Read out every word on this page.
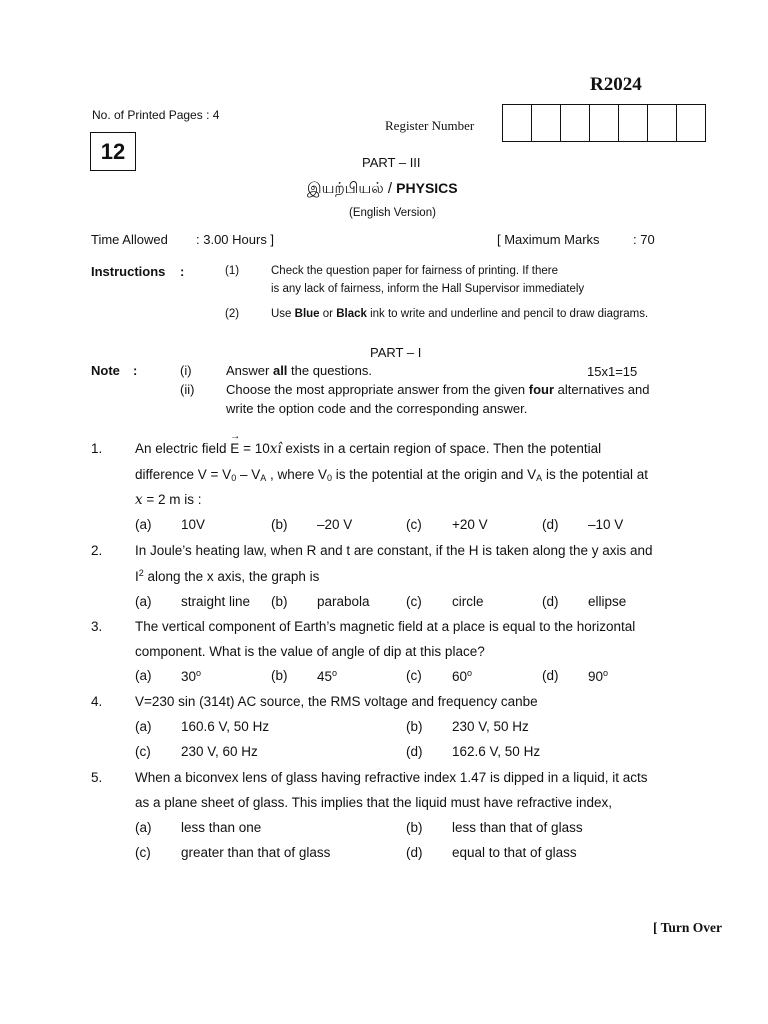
R2024
No. of Printed Pages : 4
Register Number
12	PART – III
இயற்பியல் / PHYSICS
(English Version)
Time Allowed : 3.00 Hours ]	[ Maximum Marks	: 70
Instructions :	(1)	Check the question paper for fairness of printing. If there
is any lack of fairness, inform the Hall Supervisor immediately
(2)	Use Blue or Black ink to write and underline and pencil to draw diagrams.
PART – I
Note :	(i)	Answer all the questions.	15x1=15
(ii) Choose the most appropriate answer from the given four alternatives and
write the option code and the corresponding answer.
1. An electric field
→
E = 10xî exists in a certain region of space. Then the potential
difference $V = V_0 - V_A$ , where $V_0$ is the potential at the origin and $V_A$ is the potential at
x = 2 m is :
(a) 10V	(b) –20 V	(c) +20 V	(d) –10 V
2. In Joule’s heating law, when R and t are constant, if the H is taken along the y axis and
$I^2$ along the x axis, the graph is
(a) straight line (b) parabola	(c) circle	(d) ellipse
3. The vertical component of Earth’s magnetic field at a place is equal to the horizontal
component. What is the value of angle of dip at this place?
(a) 30$^o$	(b) 45$^o$	(c) 60$^o$	(d) 90$^o$
4. V=230 sin (314t) AC source, the RMS voltage and frequency canbe
(a) 160.6 V, 50 Hz	(b) 230 V, 50 Hz
(c) 230 V, 60 Hz	(d) 162.6 V, 50 Hz
5. When a biconvex lens of glass having refractive index 1.47 is dipped in a liquid, it acts
as a plane sheet of glass. This implies that the liquid must have refractive index,
(a) less than one	(b) less than that of glass
(c) greater than that of glass	(d) equal to that of glass
[ Turn Over
